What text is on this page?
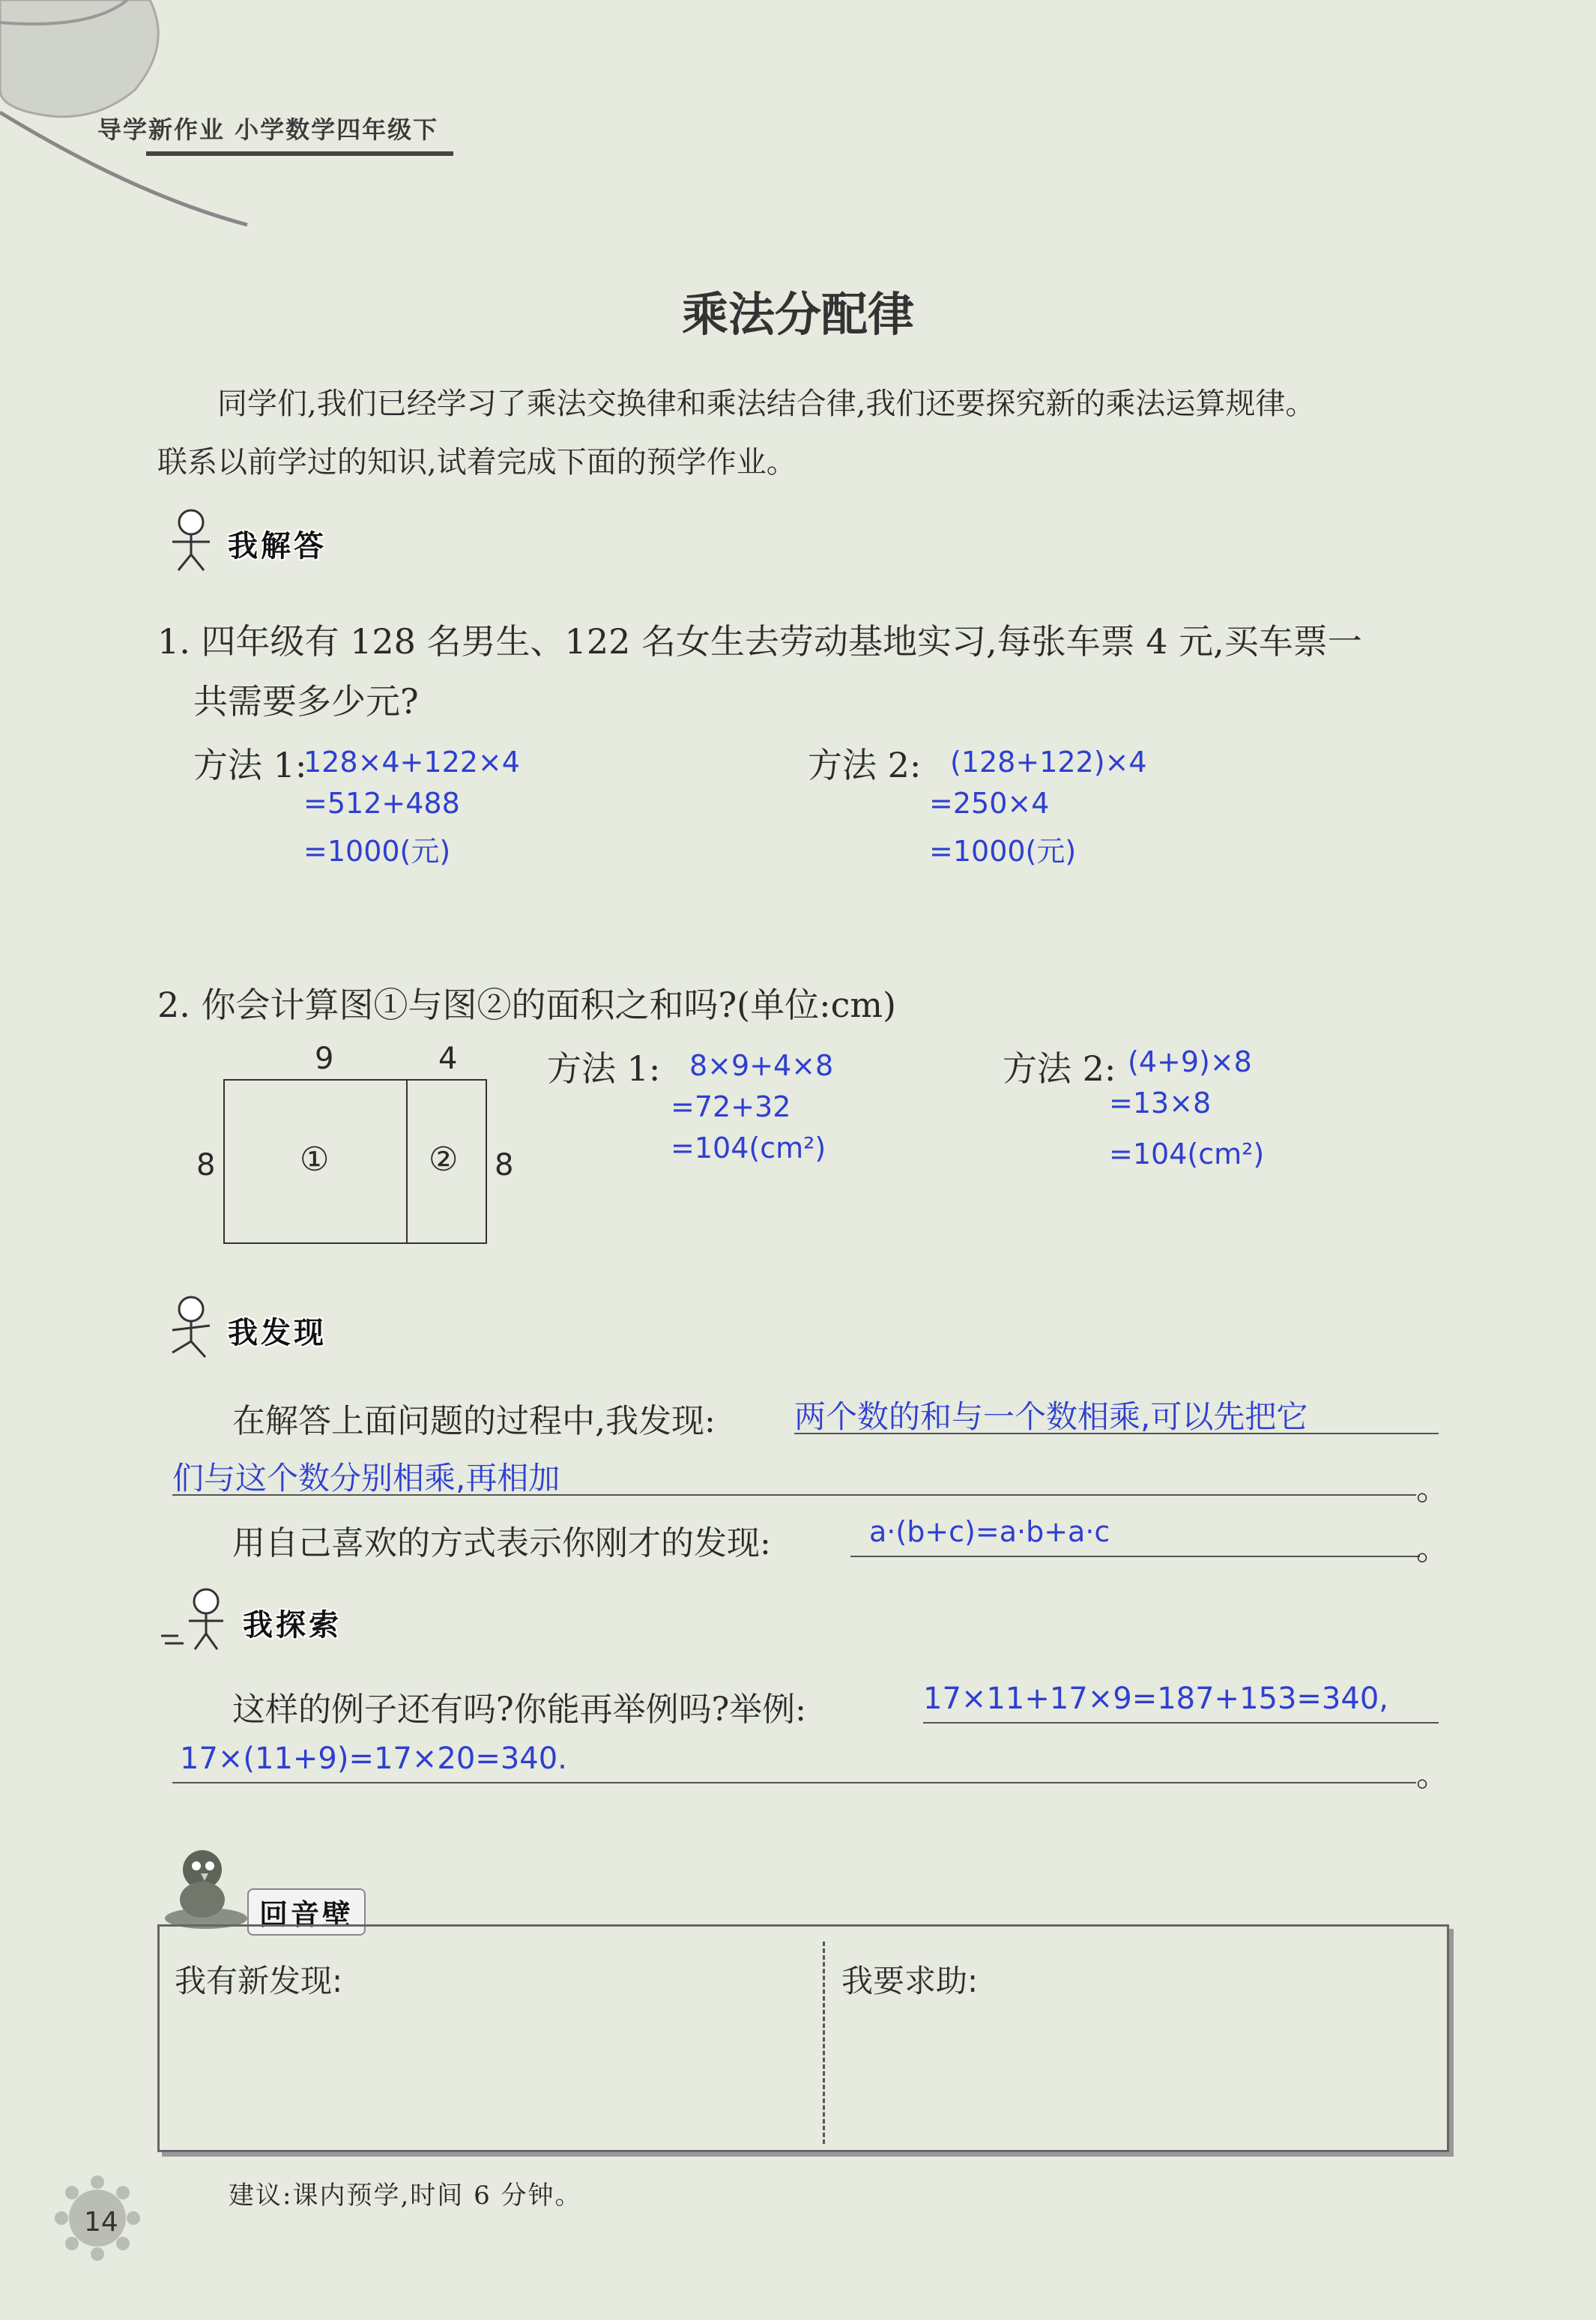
导学新作业 小学数学四年级下
乘法分配律
同学们,我们已经学习了乘法交换律和乘法结合律,我们还要探究新的乘法运算规律。
联系以前学过的知识,试着完成下面的预学作业。
我解答
1. 四年级有 128 名男生、122 名女生去劳动基地实习,每张车票 4 元,买车票一
共需要多少元?
方法 1:
128×4+122×4
=512+488
=1000(元)
方法 2: (128+122)×4
=250×4
=1000(元)
2. 你会计算图①与图②的面积之和吗?(单位:cm)
9	4
8	8
①	②
方法 1: 8×9+4×8
=72+32
=104(cm²)
方法 2: (4+9)×8
=13×8
=104(cm²)
我发现
在解答上面问题的过程中,我发现:	两个数的和与一个数相乘,可以先把它
们与这个数分别相乘,再相加	。
用自己喜欢的方式表示你刚才的发现:	a·(b+c)=a·b+a·c	。
我探索
这样的例子还有吗?你能再举例吗?举例:	17×11+17×9=187+153=340,
17×(11+9)=17×20=340.	。
回音壁
我有新发现:	我要求助:
建议:课内预学,时间 6 分钟。
14
